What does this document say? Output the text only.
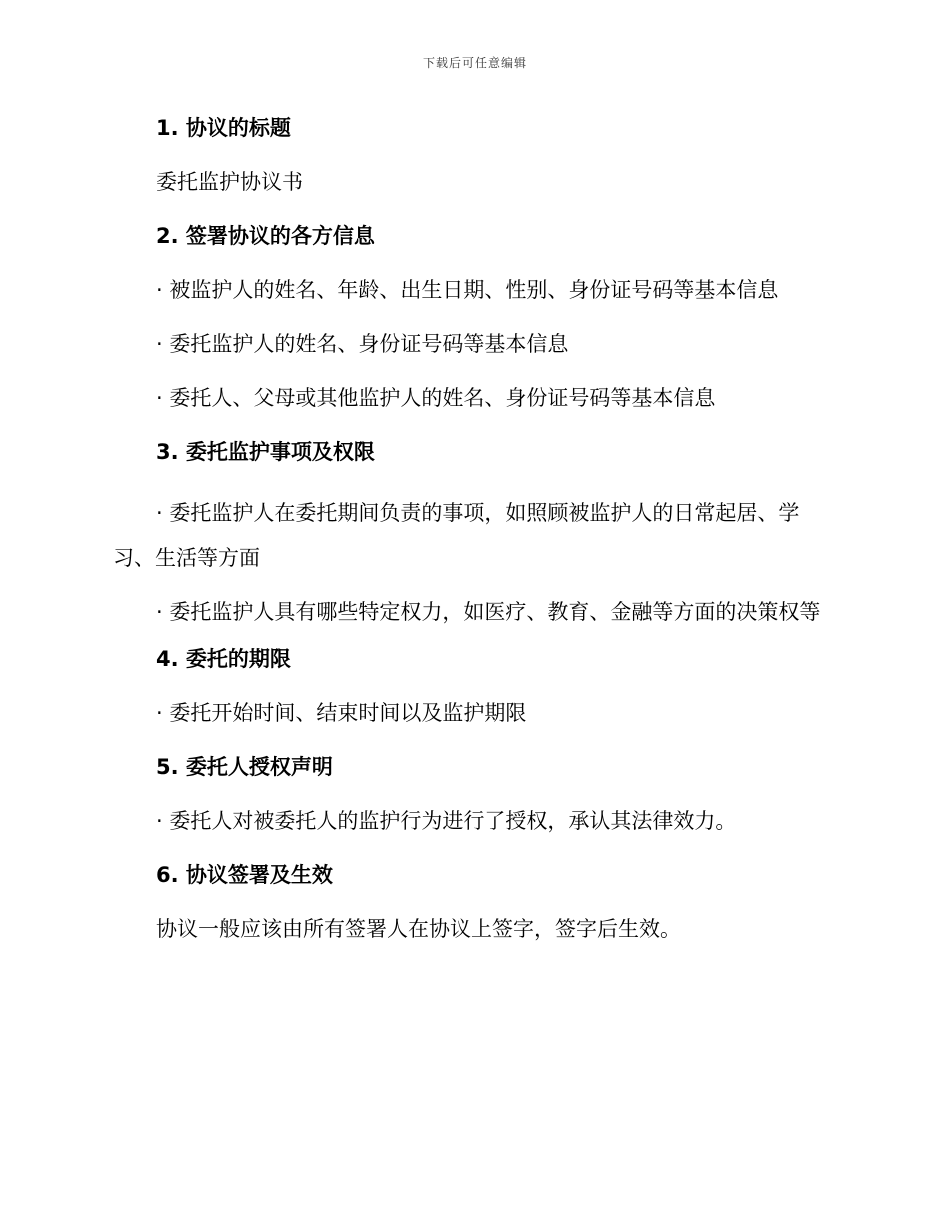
下载后可任意编辑

1. 协议的标题

委托监护协议书

2. 签署协议的各方信息

· 被监护人的姓名、年龄、出生日期、性别、身份证号码等基本信息

· 委托监护人的姓名、身份证号码等基本信息

· 委托人、父母或其他监护人的姓名、身份证号码等基本信息

3. 委托监护事项及权限

· 委托监护人在委托期间负责的事项，如照顾被监护人的日常起居、学习、生活等方面

· 委托监护人具有哪些特定权力，如医疗、教育、金融等方面的决策权等

4. 委托的期限

· 委托开始时间、结束时间以及监护期限

5. 委托人授权声明

· 委托人对被委托人的监护行为进行了授权，承认其法律效力。

6. 协议签署及生效

协议一般应该由所有签署人在协议上签字，签字后生效。
